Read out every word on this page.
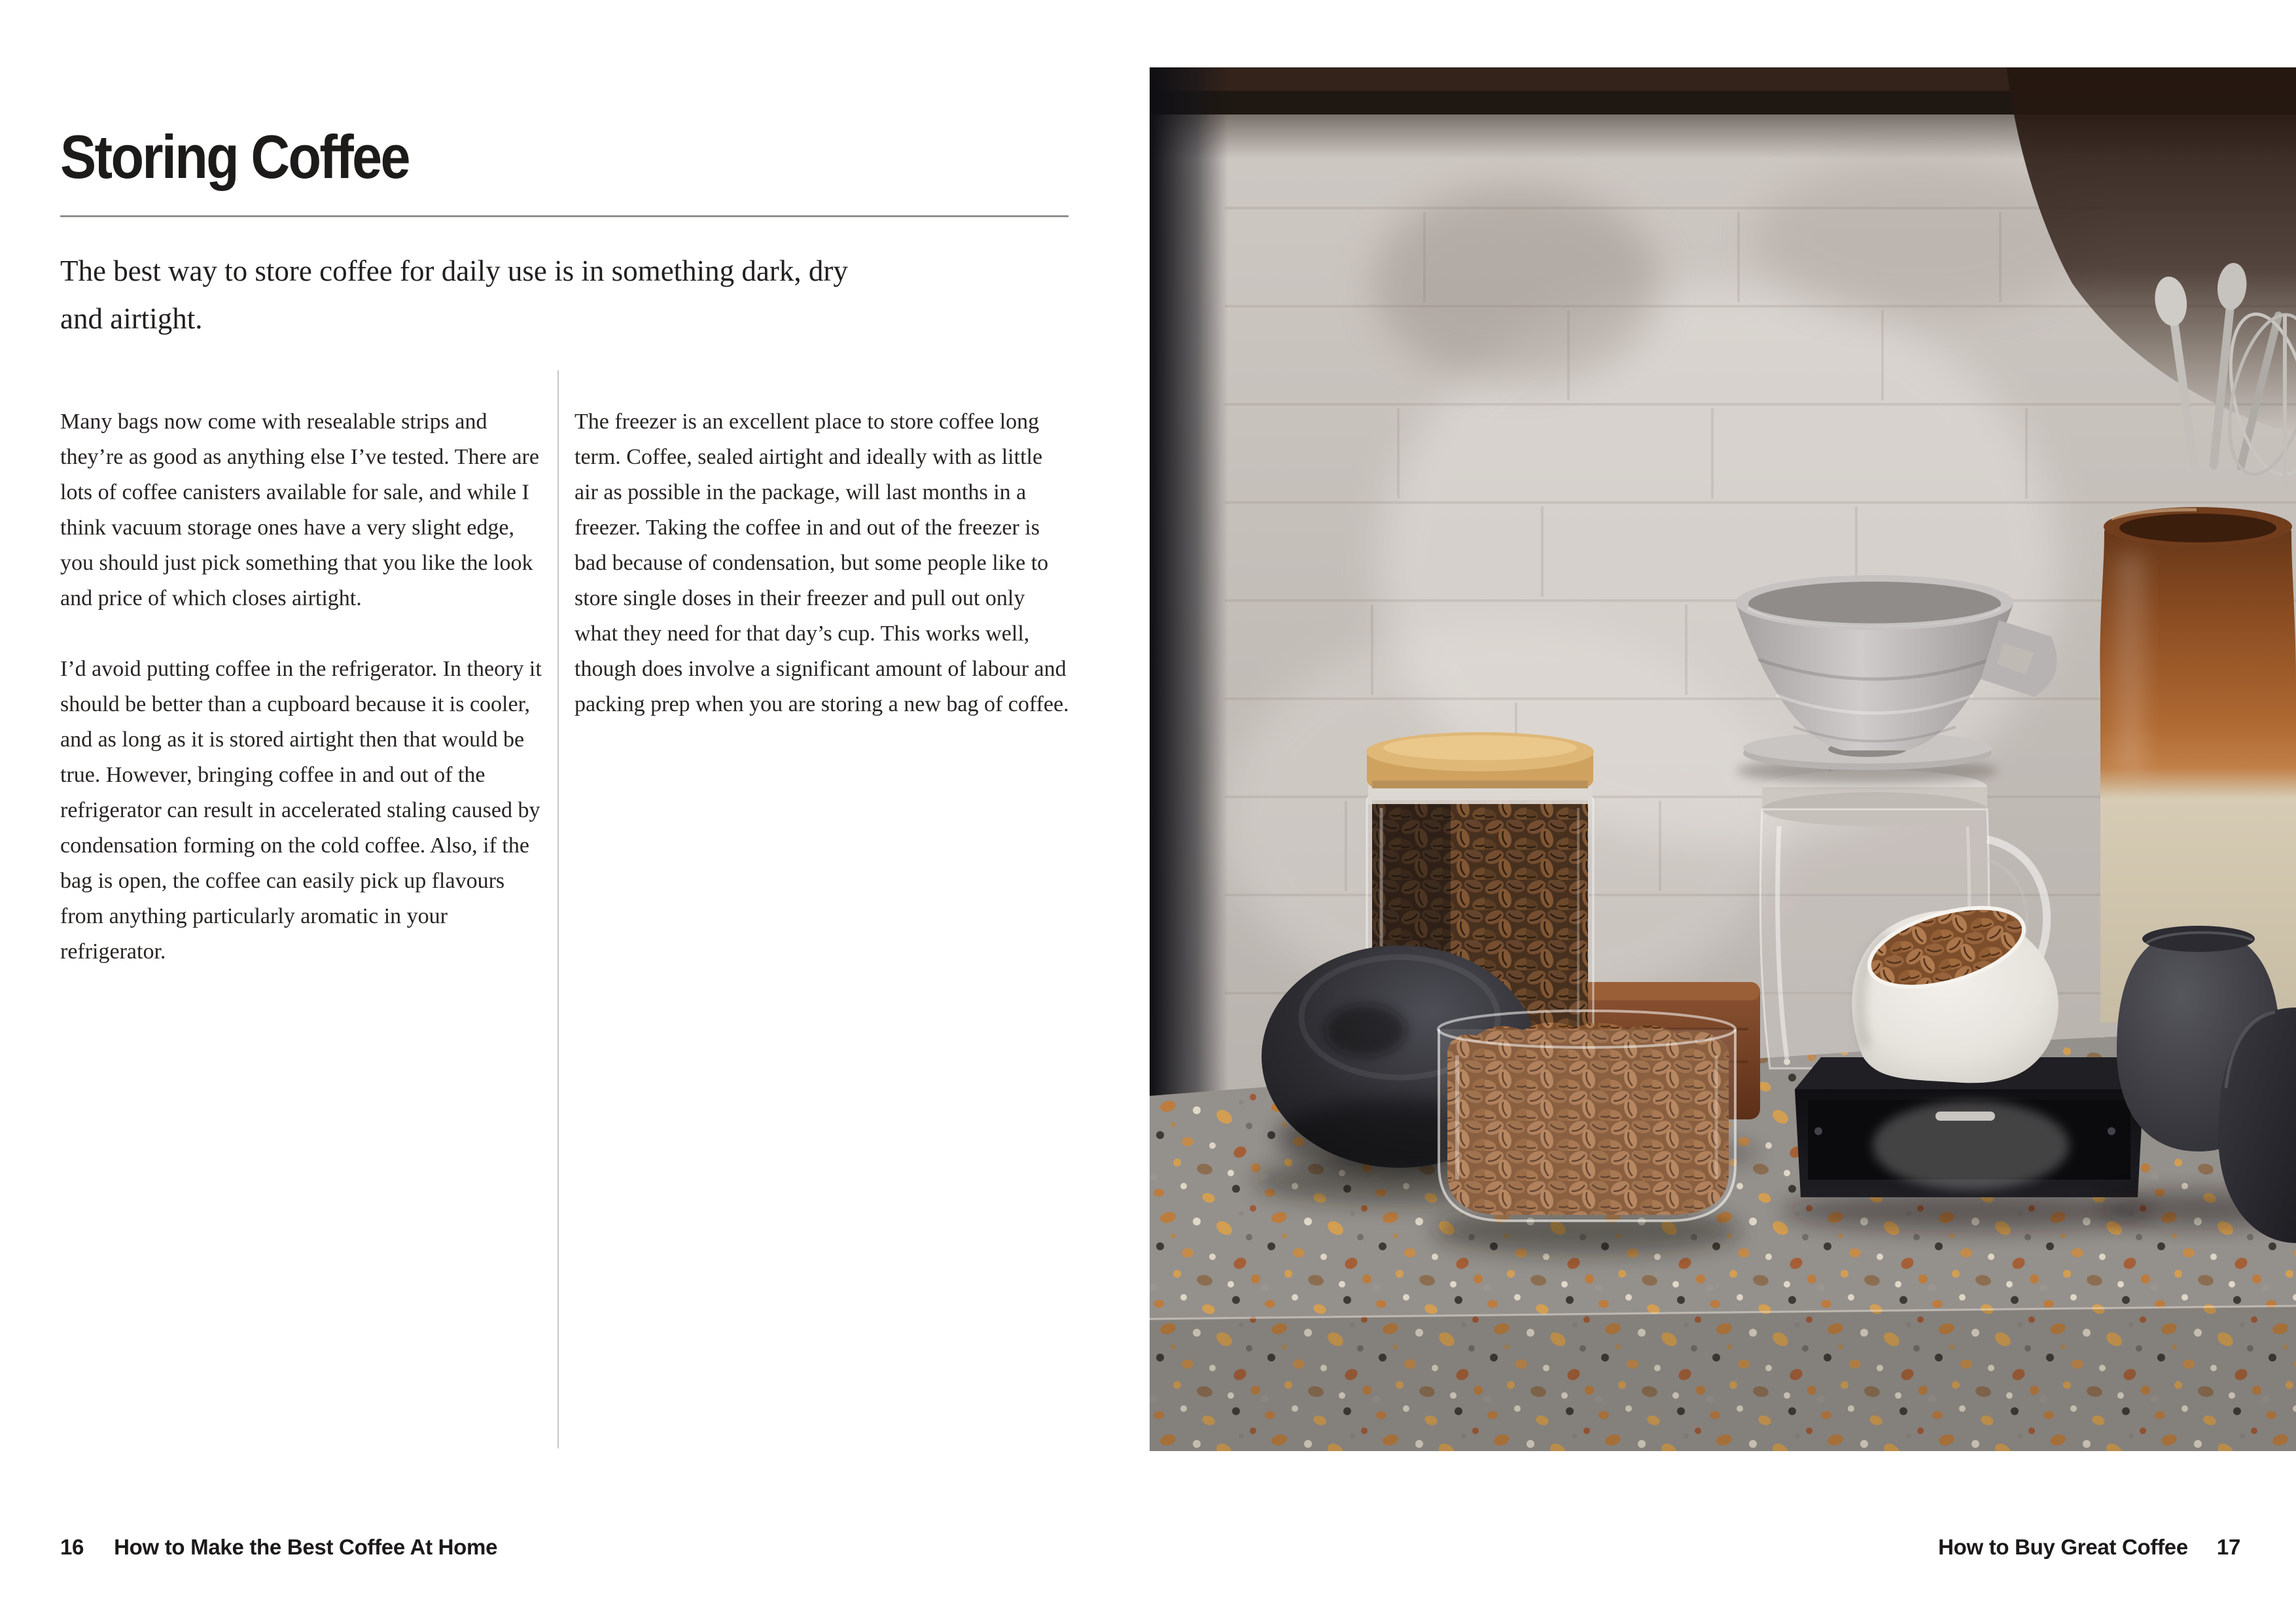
Storing Coffee
The best way to store coffee for daily use is in something dark, dry
and airtight.

Many bags now come with resealable strips and they’re as good as anything else I’ve tested. There are lots of coffee canisters available for sale, and while I think vacuum storage ones have a very slight edge, you should just pick something that you like the look and price of which closes airtight.

I’d avoid putting coffee in the refrigerator. In theory it should be better than a cupboard because it is cooler, and as long as it is stored airtight then that would be true. However, bringing coffee in and out of the refrigerator can result in accelerated staling caused by condensation forming on the cold coffee. Also, if the bag is open, the coffee can easily pick up flavours from anything particularly aromatic in your refrigerator.

The freezer is an excellent place to store coffee long term. Coffee, sealed airtight and ideally with as little air as possible in the package, will last months in a freezer. Taking the coffee in and out of the freezer is bad because of condensation, but some people like to store single doses in their freezer and pull out only what they need for that day’s cup. This works well, though does involve a significant amount of labour and packing prep when you are storing a new bag of coffee.

16 How to Make the Best Coffee At Home	How to Buy Great Coffee 17
